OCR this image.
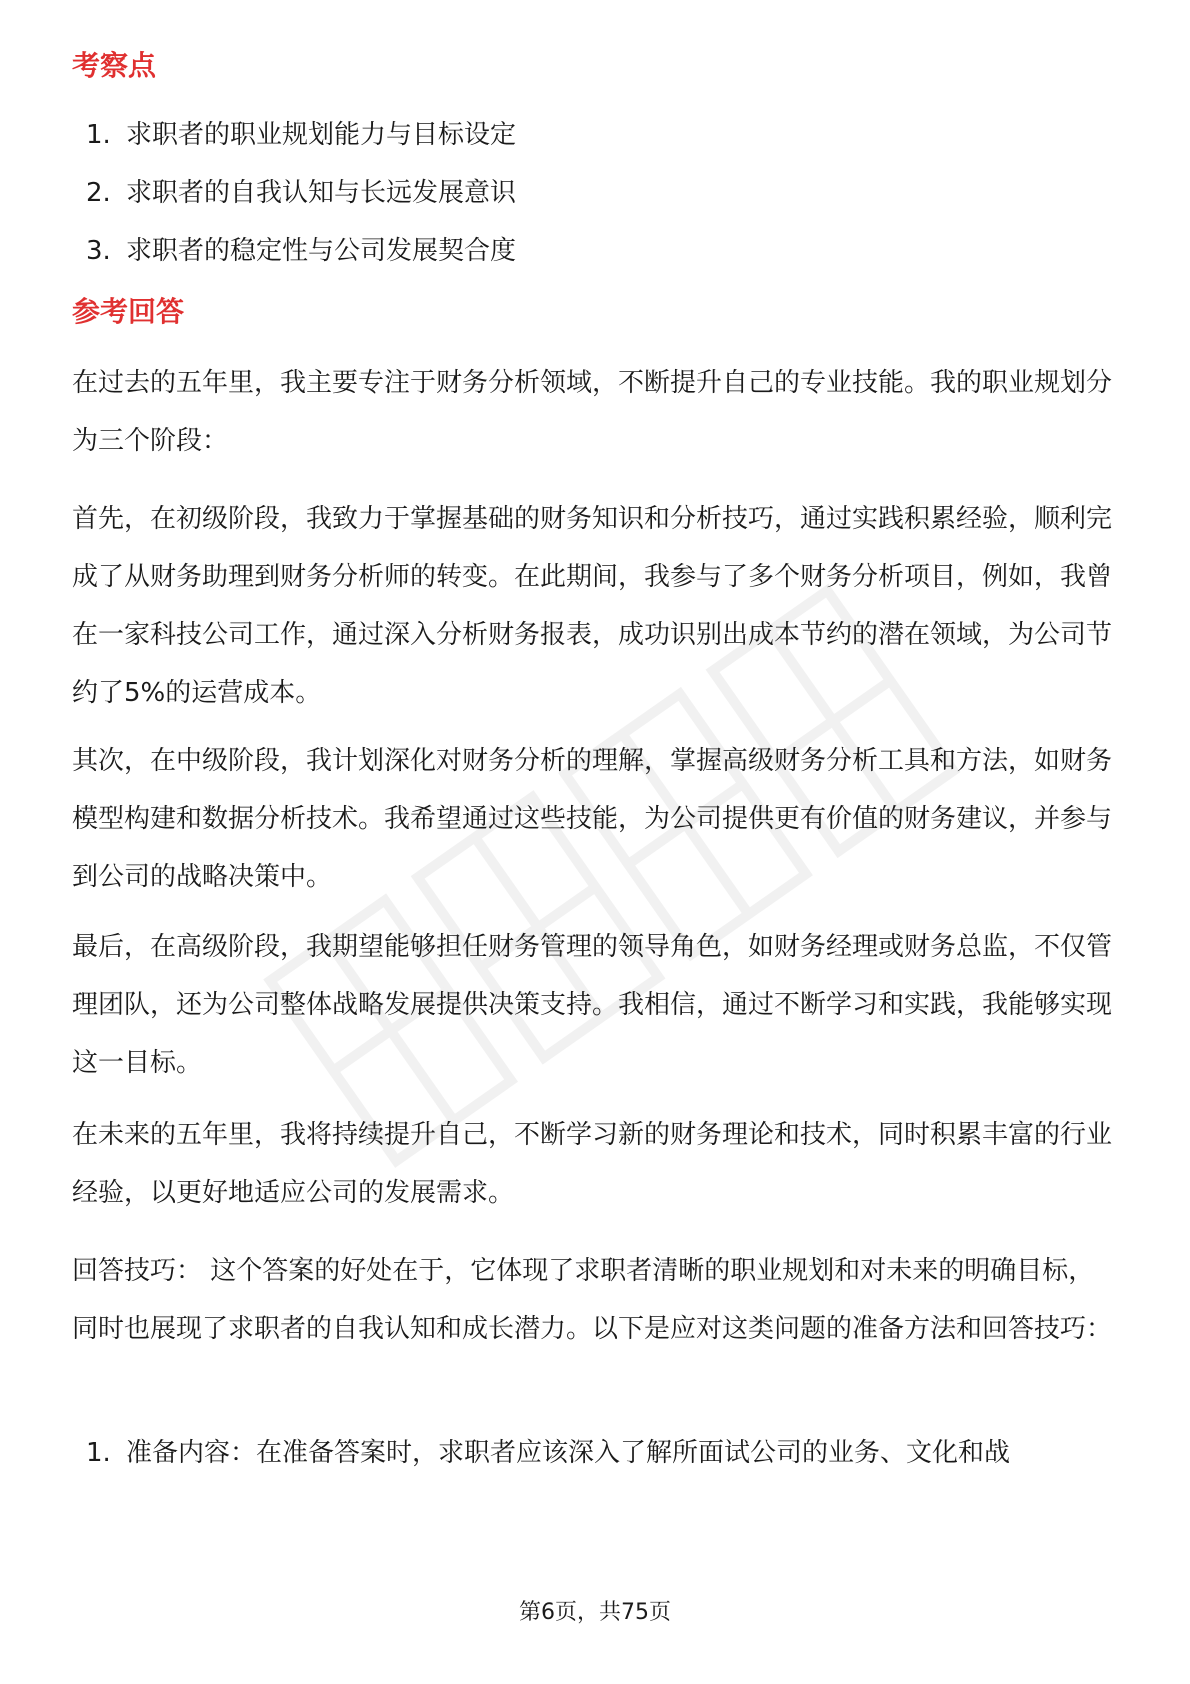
考察点
1. 求职者的职业规划能力与目标设定
2. 求职者的自我认知与长远发展意识
3. 求职者的稳定性与公司发展契合度
参考回答

在过去的五年里，我主要专注于财务分析领域，不断提升自己的专业技能。我的职业规划分为三个阶段：

首先，在初级阶段，我致力于掌握基础的财务知识和分析技巧，通过实践积累经验，顺利完成了从财务助理到财务分析师的转变。在此期间，我参与了多个财务分析项目，例如，我曾在一家科技公司工作，通过深入分析财务报表，成功识别出成本节约的潜在领域，为公司节约了5%的运营成本。

其次，在中级阶段，我计划深化对财务分析的理解，掌握高级财务分析工具和方法，如财务模型构建和数据分析技术。我希望通过这些技能，为公司提供更有价值的财务建议，并参与到公司的战略决策中。

最后，在高级阶段，我期望能够担任财务管理的领导角色，如财务经理或财务总监，不仅管理团队，还为公司整体战略发展提供决策支持。我相信，通过不断学习和实践，我能够实现这一目标。

在未来的五年里，我将持续提升自己，不断学习新的财务理论和技术，同时积累丰富的行业经验，以更好地适应公司的发展需求。

回答技巧： 这个答案的好处在于，它体现了求职者清晰的职业规划和对未来的明确目标，同时也展现了求职者的自我认知和成长潜力。以下是应对这类问题的准备方法和回答技巧：

1. 准备内容：在准备答案时，求职者应该深入了解所面试公司的业务、文化和战
第6页，共75页
